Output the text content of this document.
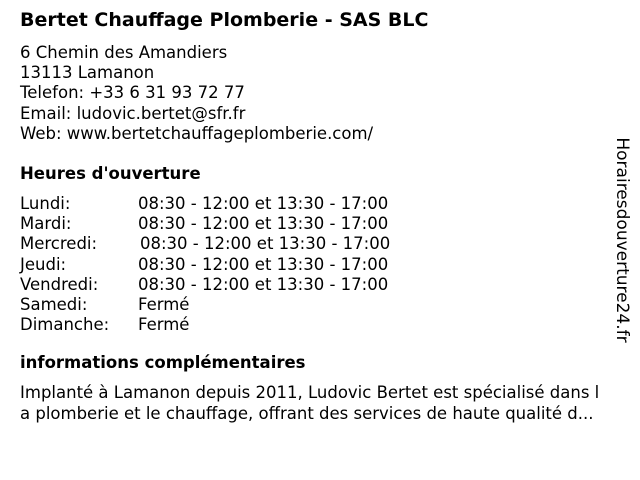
Bertet Chauffage Plomberie - SAS BLC
6 Chemin des Amandiers
13113 Lamanon
Telefon: +33 6 31 93 72 77
Email: ludovic.bertet@sfr.fr
Web: www.bertetchauffageplomberie.com/
Heures d'ouverture
Lundi:	08:30 - 12:00 et 13:30 - 17:00
Mardi:	08:30 - 12:00 et 13:30 - 17:00
Mercredi:	08:30 - 12:00 et 13:30 - 17:00
Jeudi:	08:30 - 12:00 et 13:30 - 17:00
Vendredi: 08:30 - 12:00 et 13:30 - 17:00
Samedi:	Fermé
Dimanche: Fermé
informations complémentaires
Implanté à Lamanon depuis 2011, Ludovic Bertet est spécialisé dans l
a plomberie et le chauffage, offrant des services de haute qualité d...
Horairesdouverture24.fr
